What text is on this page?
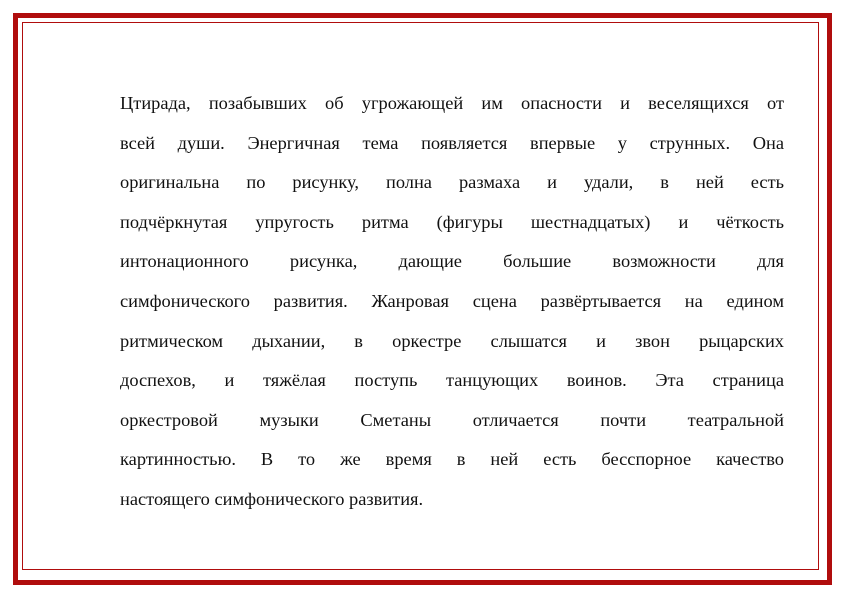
Цтирада, позабывших об угрожающей им опасности и веселящихся от
всей души. Энергичная тема появляется впервые у струнных. Она
оригинальна по рисунку, полна размаха и удали, в ней есть
подчёркнутая упругость ритма (фигуры шестнадцатых) и чёткость
интонационного рисунка, дающие большие возможности для
симфонического развития. Жанровая сцена развёртывается на едином
ритмическом дыхании, в оркестре слышатся и звон рыцарских
доспехов, и тяжёлая поступь танцующих воинов. Эта страница
оркестровой музыки Сметаны отличается почти театральной
картинностью. В то же время в ней есть бесспорное качество
настоящего симфонического развития.
